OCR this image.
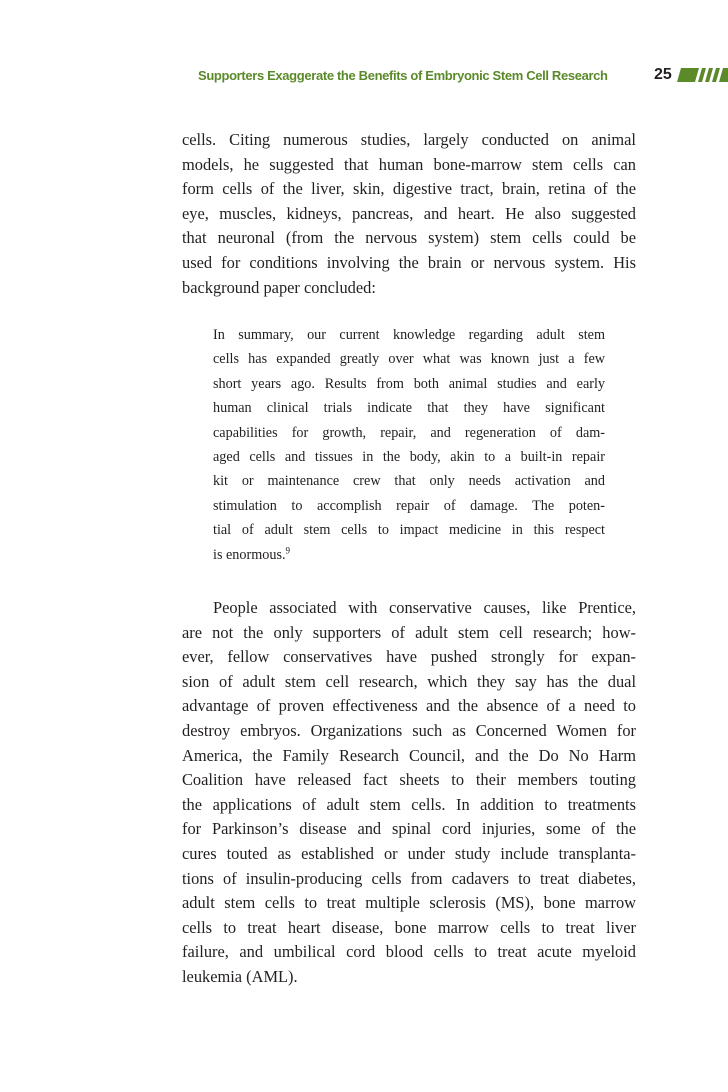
Supporters Exaggerate the Benefits of Embryonic Stem Cell Research	25
cells. Citing numerous studies, largely conducted on animal
models, he suggested that human bone-marrow stem cells can
form cells of the liver, skin, digestive tract, brain, retina of the
eye, muscles, kidneys, pancreas, and heart. He also suggested
that neuronal (from the nervous system) stem cells could be
used for conditions involving the brain or nervous system. His
background paper concluded:
In summary, our current knowledge regarding adult stem
cells has expanded greatly over what was known just a few
short years ago. Results from both animal studies and early
human clinical trials indicate that they have significant
capabilities for growth, repair, and regeneration of dam-
aged cells and tissues in the body, akin to a built-in repair
kit or maintenance crew that only needs activation and
stimulation to accomplish repair of damage. The poten-
tial of adult stem cells to impact medicine in this respect
is enormous.$^9$
People associated with conservative causes, like Prentice,
are not the only supporters of adult stem cell research; how-
ever, fellow conservatives have pushed strongly for expan-
sion of adult stem cell research, which they say has the dual
advantage of proven effectiveness and the absence of a need to
destroy embryos. Organizations such as Concerned Women for
America, the Family Research Council, and the Do No Harm
Coalition have released fact sheets to their members touting
the applications of adult stem cells. In addition to treatments
for Parkinson’s disease and spinal cord injuries, some of the
cures touted as established or under study include transplanta-
tions of insulin-producing cells from cadavers to treat diabetes,
adult stem cells to treat multiple sclerosis (MS), bone marrow
cells to treat heart disease, bone marrow cells to treat liver
failure, and umbilical cord blood cells to treat acute myeloid
leukemia (AML).
